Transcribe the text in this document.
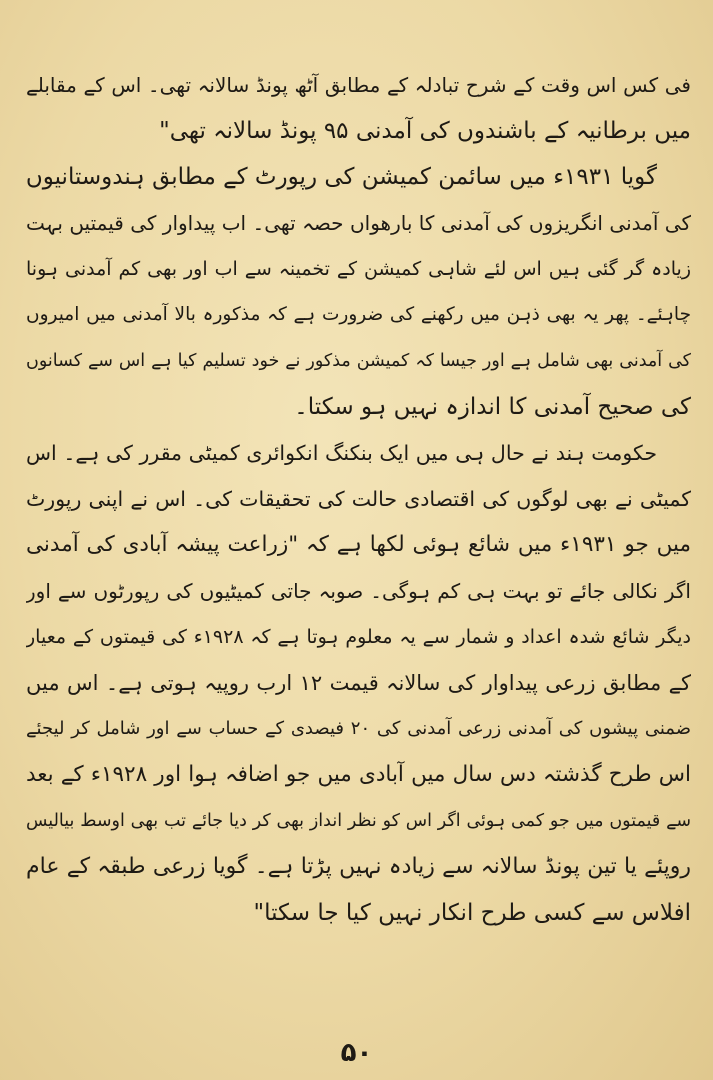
فی کس اس وقت کے شرح تبادلہ کے مطابق آٹھ پونڈ سالانہ تھی۔ اس کے مقابلے
میں برطانیہ کے باشندوں کی آمدنی ۹۵ پونڈ سالانہ تھی"
گویا ۱۹۳۱ء میں سائمن کمیشن کی رپورٹ کے مطابق ہندوستانیوں
کی آمدنی انگریزوں کی آمدنی کا بارھواں حصہ تھی۔ اب پیداوار کی قیمتیں بہت
زیادہ گر گئی ہیں اس لئے شاہی کمیشن کے تخمینہ سے اب اور بھی کم آمدنی ہونا
چاہئے۔ پھر یہ بھی ذہن میں رکھنے کی ضرورت ہے کہ مذکورہ بالا آمدنی میں امیروں
کی آمدنی بھی شامل ہے اور جیسا کہ کمیشن مذکور نے خود تسلیم کیا ہے اس سے کسانوں
کی صحیح آمدنی کا اندازہ نہیں ہو سکتا۔
حکومت ہند نے حال ہی میں ایک بنکنگ انکوائری کمیٹی مقرر کی ہے۔ اس
کمیٹی نے بھی لوگوں کی اقتصادی حالت کی تحقیقات کی۔ اس نے اپنی رپورٹ
میں جو ۱۹۳۱ء میں شائع ہوئی لکھا ہے کہ "زراعت پیشہ آبادی کی آمدنی
اگر نکالی جائے تو بہت ہی کم ہوگی۔ صوبہ جاتی کمیٹیوں کی رپورٹوں سے اور
دیگر شائع شدہ اعداد و شمار سے یہ معلوم ہوتا ہے کہ ۱۹۲۸ء کی قیمتوں کے معیار
کے مطابق زرعی پیداوار کی سالانہ قیمت ۱۲ ارب روپیہ ہوتی ہے۔ اس میں
ضمنی پیشوں کی آمدنی زرعی آمدنی کی ۲۰ فیصدی کے حساب سے اور شامل کر لیجئے
اس طرح گذشتہ دس سال میں آبادی میں جو اضافہ ہوا اور ۱۹۲۸ء کے بعد
سے قیمتوں میں جو کمی ہوئی اگر اس کو نظر انداز بھی کر دیا جائے تب بھی اوسط بیالیس
روپئے یا تین پونڈ سالانہ سے زیادہ نہیں پڑتا ہے۔ گویا زرعی طبقہ کے عام
افلاس سے کسی طرح انکار نہیں کیا جا سکتا"
۵۰
